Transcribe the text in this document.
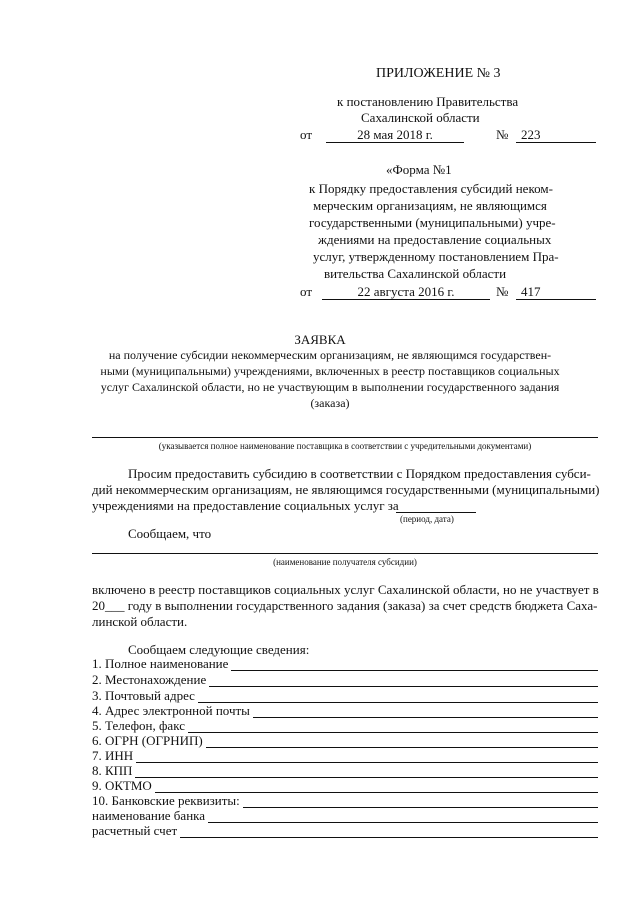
ПРИЛОЖЕНИЕ № 3
к постановлению Правительства
Сахалинской области
от	28 мая 2018 г.	№ 223
«Форма №1
к Порядку предоставления субсидий неком-
мерческим организациям, не являющимся
государственными (муниципальными) учре-
ждениями на предоставление социальных
услуг, утвержденному постановлением Пра-
вительства Сахалинской области
от	22 августа 2016 г.	№ 417
ЗАЯВКА
на получение субсидии некоммерческим организациям, не являющимся государствен-
ными (муниципальными) учреждениями, включенных в реестр поставщиков социальных
услуг Сахалинской области, но не участвующим в выполнении государственного задания
(заказа)
(указывается полное наименование поставщика в соответствии с учредительными документами)
Просим предоставить субсидию в соответствии с Порядком предоставления субси-
дий некоммерческим организациям, не являющимся государственными (муниципальными)
учреждениями на предоставление социальных услуг за
(период, дата)
Сообщаем, что
(наименование получателя субсидии)
включено в реестр поставщиков социальных услуг Сахалинской области, но не участвует в
20___ году в выполнении государственного задания (заказа) за счет средств бюджета Саха-
линской области.
Сообщаем следующие сведения:
1. Полное наименование
2. Местонахождение
3. Почтовый адрес
4. Адрес электронной почты
5. Телефон, факс
6. ОГРН (ОГРНИП)
7. ИНН
8. КПП
9. ОКТМО
10. Банковские реквизиты:
наименование банка
расчетный счет
